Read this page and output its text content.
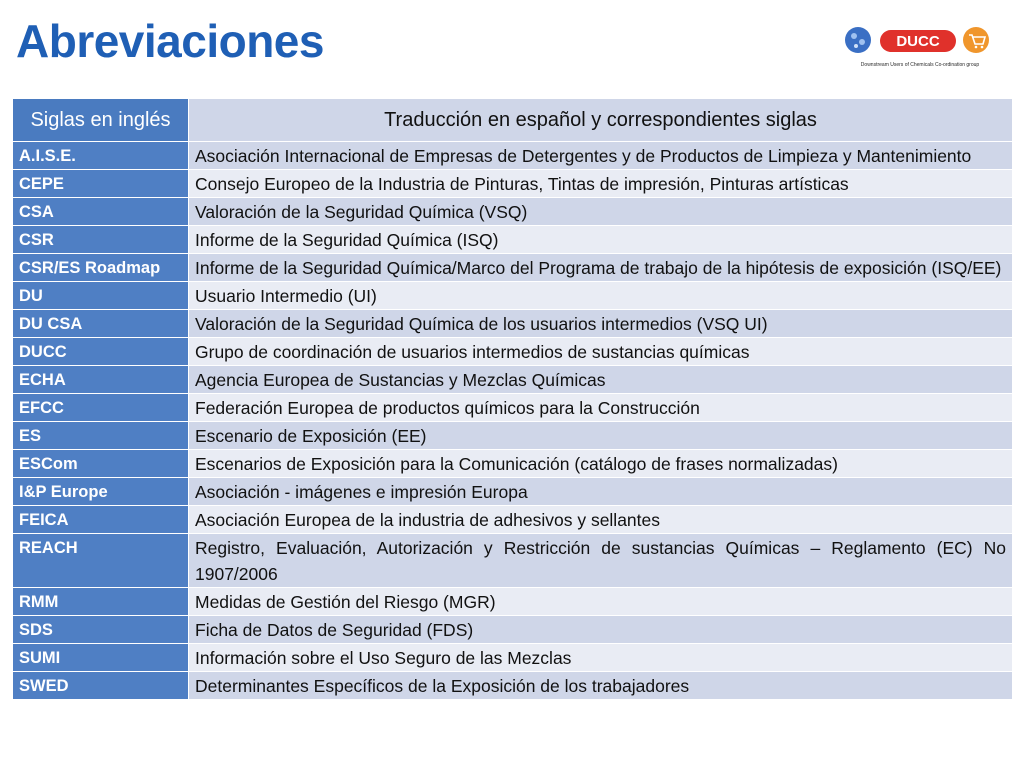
Abreviaciones	DUCC
Downstream Users of Chemicals Co-ordination group
Siglas en inglés	Traducción en español y correspondientes siglas
A.I.S.E.	Asociación Internacional de Empresas de Detergentes y de Productos de Limpieza y Mantenimiento
CEPE	Consejo Europeo de la Industria de Pinturas, Tintas de impresión, Pinturas artísticas
CSA	Valoración de la Seguridad Química (VSQ)
CSR	Informe de la Seguridad Química (ISQ)
CSR/ES Roadmap	Informe de la Seguridad Química/Marco del Programa de trabajo de la hipótesis de exposición (ISQ/EE)
DU	Usuario Intermedio (UI)
DU CSA	Valoración de la Seguridad Química de los usuarios intermedios (VSQ UI)
DUCC	Grupo de coordinación de usuarios intermedios de sustancias químicas
ECHA	Agencia Europea de Sustancias y Mezclas Químicas
EFCC	Federación Europea de productos químicos para la Construcción
ES	Escenario de Exposición (EE)
ESCom	Escenarios de Exposición para la Comunicación (catálogo de frases normalizadas)
I&P Europe	Asociación - imágenes e impresión Europa
FEICA	Asociación Europea de la industria de adhesivos y sellantes
REACH	Registro, Evaluación, Autorización y Restricción de sustancias Químicas – Reglamento (EC) No 1907/2006
RMM	Medidas de Gestión del Riesgo (MGR)
SDS	Ficha de Datos de Seguridad (FDS)
SUMI	Información sobre el Uso Seguro de las Mezclas
SWED	Determinantes Específicos de la Exposición de los trabajadores
